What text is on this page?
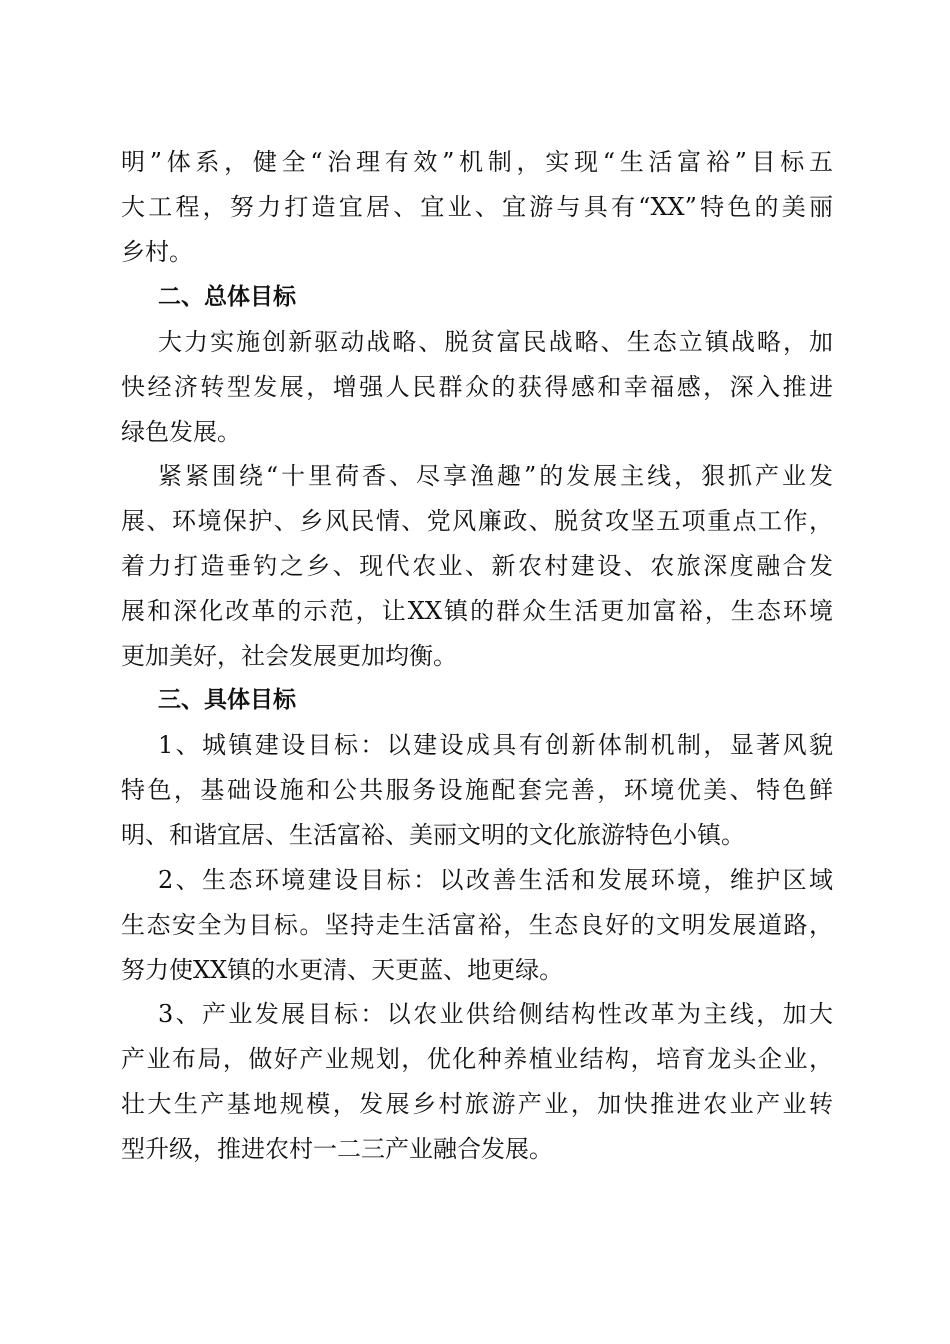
明”体系，健全“治理有效”机制，实现“生活富裕”目标五
大工程，努力打造宜居、宜业、宜游与具有“XX”特色的美丽
乡村。
二、总体目标
大力实施创新驱动战略、脱贫富民战略、生态立镇战略，加
快经济转型发展，增强人民群众的获得感和幸福感，深入推进
绿色发展。
紧紧围绕“十里荷香、尽享渔趣”的发展主线，狠抓产业发
展、环境保护、乡风民情、党风廉政、脱贫攻坚五项重点工作，
着力打造垂钓之乡、现代农业、新农村建设、农旅深度融合发
展和深化改革的示范，让XX镇的群众生活更加富裕，生态环境
更加美好，社会发展更加均衡。
三、具体目标
1、城镇建设目标：以建设成具有创新体制机制，显著风貌
特色，基础设施和公共服务设施配套完善，环境优美、特色鲜
明、和谐宜居、生活富裕、美丽文明的文化旅游特色小镇。
2、生态环境建设目标：以改善生活和发展环境，维护区域
生态安全为目标。坚持走生活富裕，生态良好的文明发展道路，
努力使XX镇的水更清、天更蓝、地更绿。
3、产业发展目标：以农业供给侧结构性改革为主线，加大
产业布局，做好产业规划，优化种养植业结构，培育龙头企业，
壮大生产基地规模，发展乡村旅游产业，加快推进农业产业转
型升级，推进农村一二三产业融合发展。
